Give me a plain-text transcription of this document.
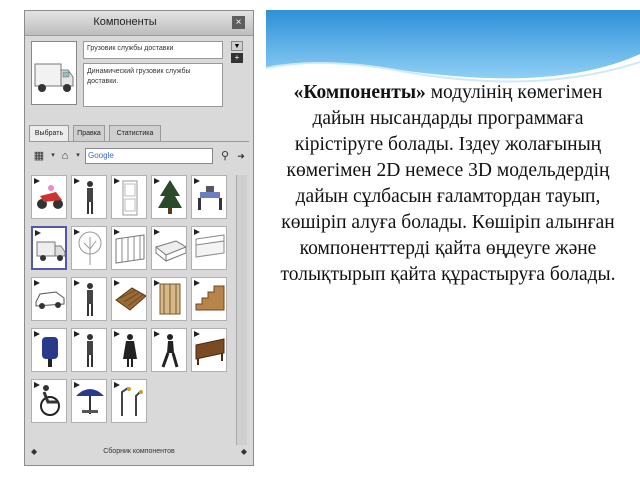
Компоненты	×
Грузовик службы доставки
Динамический грузовик службы доставки.
▼
+
Выбрать	Правка	Статистика
▦	▾ ⌂	▾	Google	⚲ ➜
◆	Сборник компонентов	◆
«Компоненты» модулінің көмегімен дайын нысандарды программаға кірістіруге болады. Іздеу жолағының көмегімен 2D немесе 3D модельдердің дайын сұлбасын ғаламтордан тауып, көшіріп алуға болады. Көшіріп алынған компоненттерді қайта өңдеуге және толықтырып қайта құрастыруға болады.
